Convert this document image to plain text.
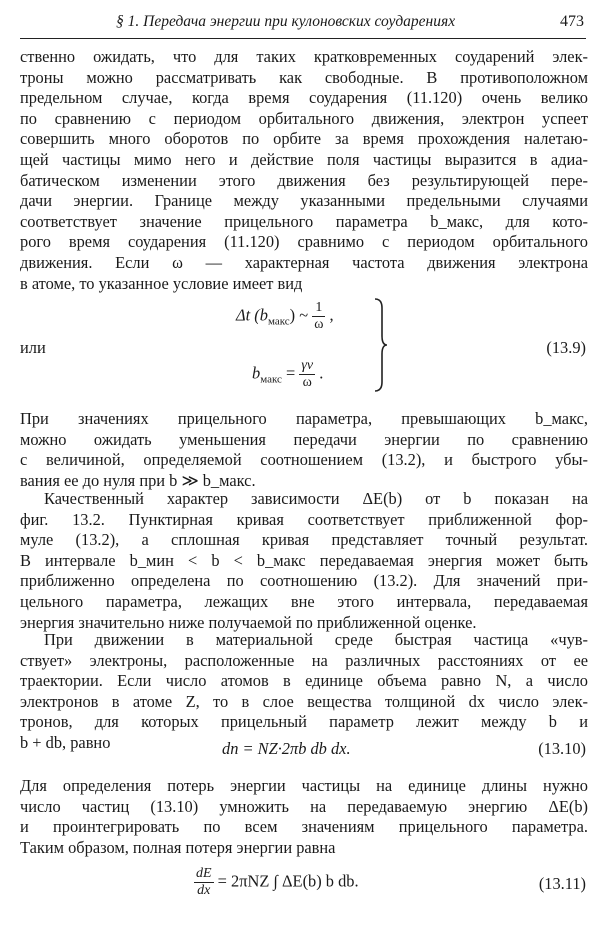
§ 1. Передача энергии при кулоновских соударениях	473
ственно ожидать, что для таких кратковременных соударений элек-
троны можно рассматривать как свободные. В противоположном
предельном случае, когда время соударения (11.120) очень велико
по сравнению с периодом орбитального движения, электрон успеет
совершить много оборотов по орбите за время прохождения налетаю-
щей частицы мимо него и действие поля частицы выразится в адиа-
батическом изменении этого движения без результирующей пере-
дачи энергии. Границе между указанными предельными случаями
соответствует значение прицельного параметра b_макс, для кото-
рого время соударения (11.120) сравнимо с периодом орбитального
движения. Если ω — характерная частота движения электрона
в атоме, то указанное условие имеет вид
Δt $(b_{макс})$ ~ $\frac{1}{\omega}$ ,
или
$b_{макс} = \frac{\gamma v}{\omega}$ .
(13.9)
При значениях прицельного параметра, превышающих b_макс,
можно ожидать уменьшения передачи энергии по сравнению
с величиной, определяемой соотношением (13.2), и быстрого убы-
вания ее до нуля при b ≫ b_макс.
Качественный характер зависимости ΔE(b) от b показан на
фиг. 13.2. Пунктирная кривая соответствует приближенной фор-
муле (13.2), а сплошная кривая представляет точный результат.
В интервале b_мин < b < b_макс передаваемая энергия может быть
приближенно определена по соотношению (13.2). Для значений при-
цельного параметра, лежащих вне этого интервала, передаваемая
энергия значительно ниже получаемой по приближенной оценке.
При движении в материальной среде быстрая частица «чув-
ствует» электроны, расположенные на различных расстояниях от ее
траектории. Если число атомов в единице объема равно N, а число
электронов в атоме Z, то в слое вещества толщиной dx число элек-
тронов, для которых прицельный параметр лежит между b и
b + db, равно	dn = NZ·2πb db dx.	(13.10)
Для определения потерь энергии частицы на единице длины нужно
число частиц (13.10) умножить на передаваемую энергию ΔE(b)
и проинтегрировать по всем значениям прицельного параметра.
Таким образом, полная потеря энергии равна
$\frac{dE}{dx} = 2\pi NZ$ ∫ ΔE(b) b db.	(13.11)
